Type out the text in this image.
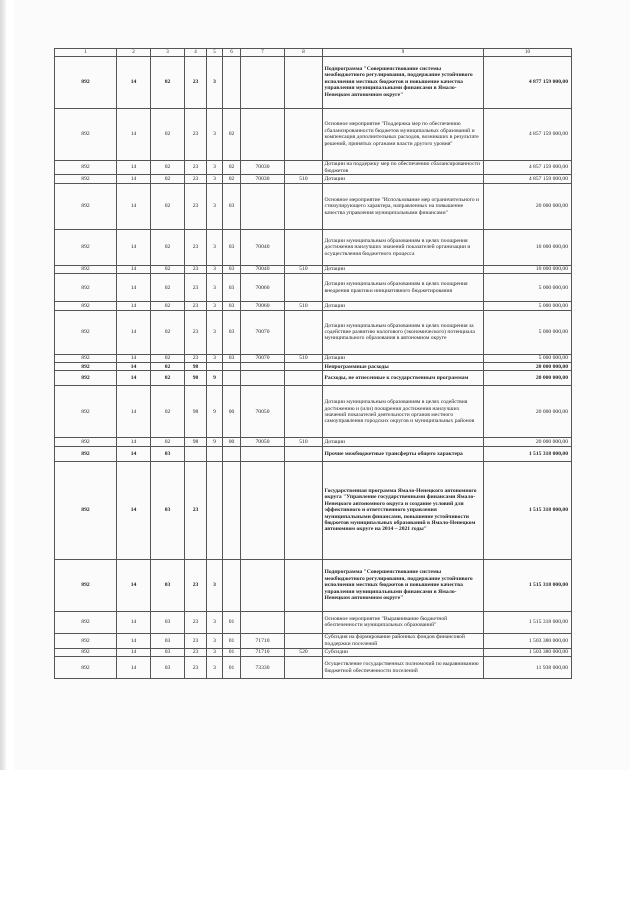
1	2	3	4	5	6	7	8	9	10
892	14	02	23	3				Подпрограмма "Совершенствование системы межбюджетного регулирования, поддержание устойчивого исполнения местных бюджетов и повышение качества управления муниципальными финансами в Ямало-Ненецком автономном округе"	4 877 159 000,00
892	14	02	23	3	02			Основное мероприятие "Поддержка мер по обеспечению сбалансированности бюджетов муниципальных образований и компенсация дополнительных расходов, возникших в результате решений, принятых органами власти другого уровня"	4 857 159 000,00
892	14	02	23	3	02	70030		Дотации на поддержку мер по обеспечению сбалансированности бюджетов	4 857 159 000,00
892	14	02	23	3	02	70030	510	Дотации	4 857 159 000,00
892	14	02	23	3	03			Основное мероприятие "Использование мер ограничительного и стимулирующего характера, направленных на повышение качества управления муниципальными финансами"	20 000 000,00
892	14	02	23	3	03	70040		Дотации муниципальным образованиям в целях поощрения достижения наилучших значений показателей организации и осуществления бюджетного процесса	10 000 000,00
892	14	02	23	3	03	70040	510	Дотации	10 000 000,00
892	14	02	23	3	03	70060		Дотации муниципальным образованиям в целях поощрения внедрения практики инициативного бюджетирования	5 000 000,00
892	14	02	23	3	03	70060	510	Дотации	5 000 000,00
892	14	02	23	3	03	70070		Дотации муниципальным образованиям в целях поощрения за содействие развитию налогового (экономического) потенциала муниципального образования в автономном округе	5 000 000,00
892	14	02	23	3	03	70070	510	Дотации	5 000 000,00
892	14	02	98					Непрограммные расходы	20 000 000,00
892	14	02	98	9				Расходы, не отнесенные к государственным программам	20 000 000,00
892	14	02	98	9	00	70050		Дотации муниципальным образованиям в целях содействия достижению и (или) поощрения достижения наилучших значений показателей деятельности органов местного самоуправления городских округов и муниципальных районов	20 000 000,00
892	14	02	98	9	00	70050	510	Дотации	20 000 000,00
892	14	03						Прочие межбюджетные трансферты общего характера	1 515 318 000,00
892	14	03	23					Государственная программа Ямало-Ненецкого автономного округа "Управление государственными финансами Ямало-Ненецкого автономного округа и создание условий для эффективного и ответственного управления муниципальными финансами, повышение устойчивости бюджетов муниципальных образований в Ямало-Ненецком автономном округе на 2014 – 2021 годы"	1 515 318 000,00
892	14	03	23	3				Подпрограмма "Совершенствование системы межбюджетного регулирования, поддержание устойчивого исполнения местных бюджетов и повышение качества управления муниципальными финансами в Ямало-Ненецком автономном округе"	1 515 318 000,00
892	14	03	23	3	01			Основное мероприятие "Выравнивание бюджетной обеспеченности муниципальных образований"	1 515 318 000,00
892	14	03	23	3	01	71710		Субсидия на формирование районных фондов финансовой поддержки поселений	1 503 380 000,00
892	14	03	23	3	01	71710	520	Субсидии	1 503 380 000,00
892	14	03	23	3	01	73330		Осуществление государственных полномочий по выравниванию бюджетной обеспеченности поселений	11 938 000,00
